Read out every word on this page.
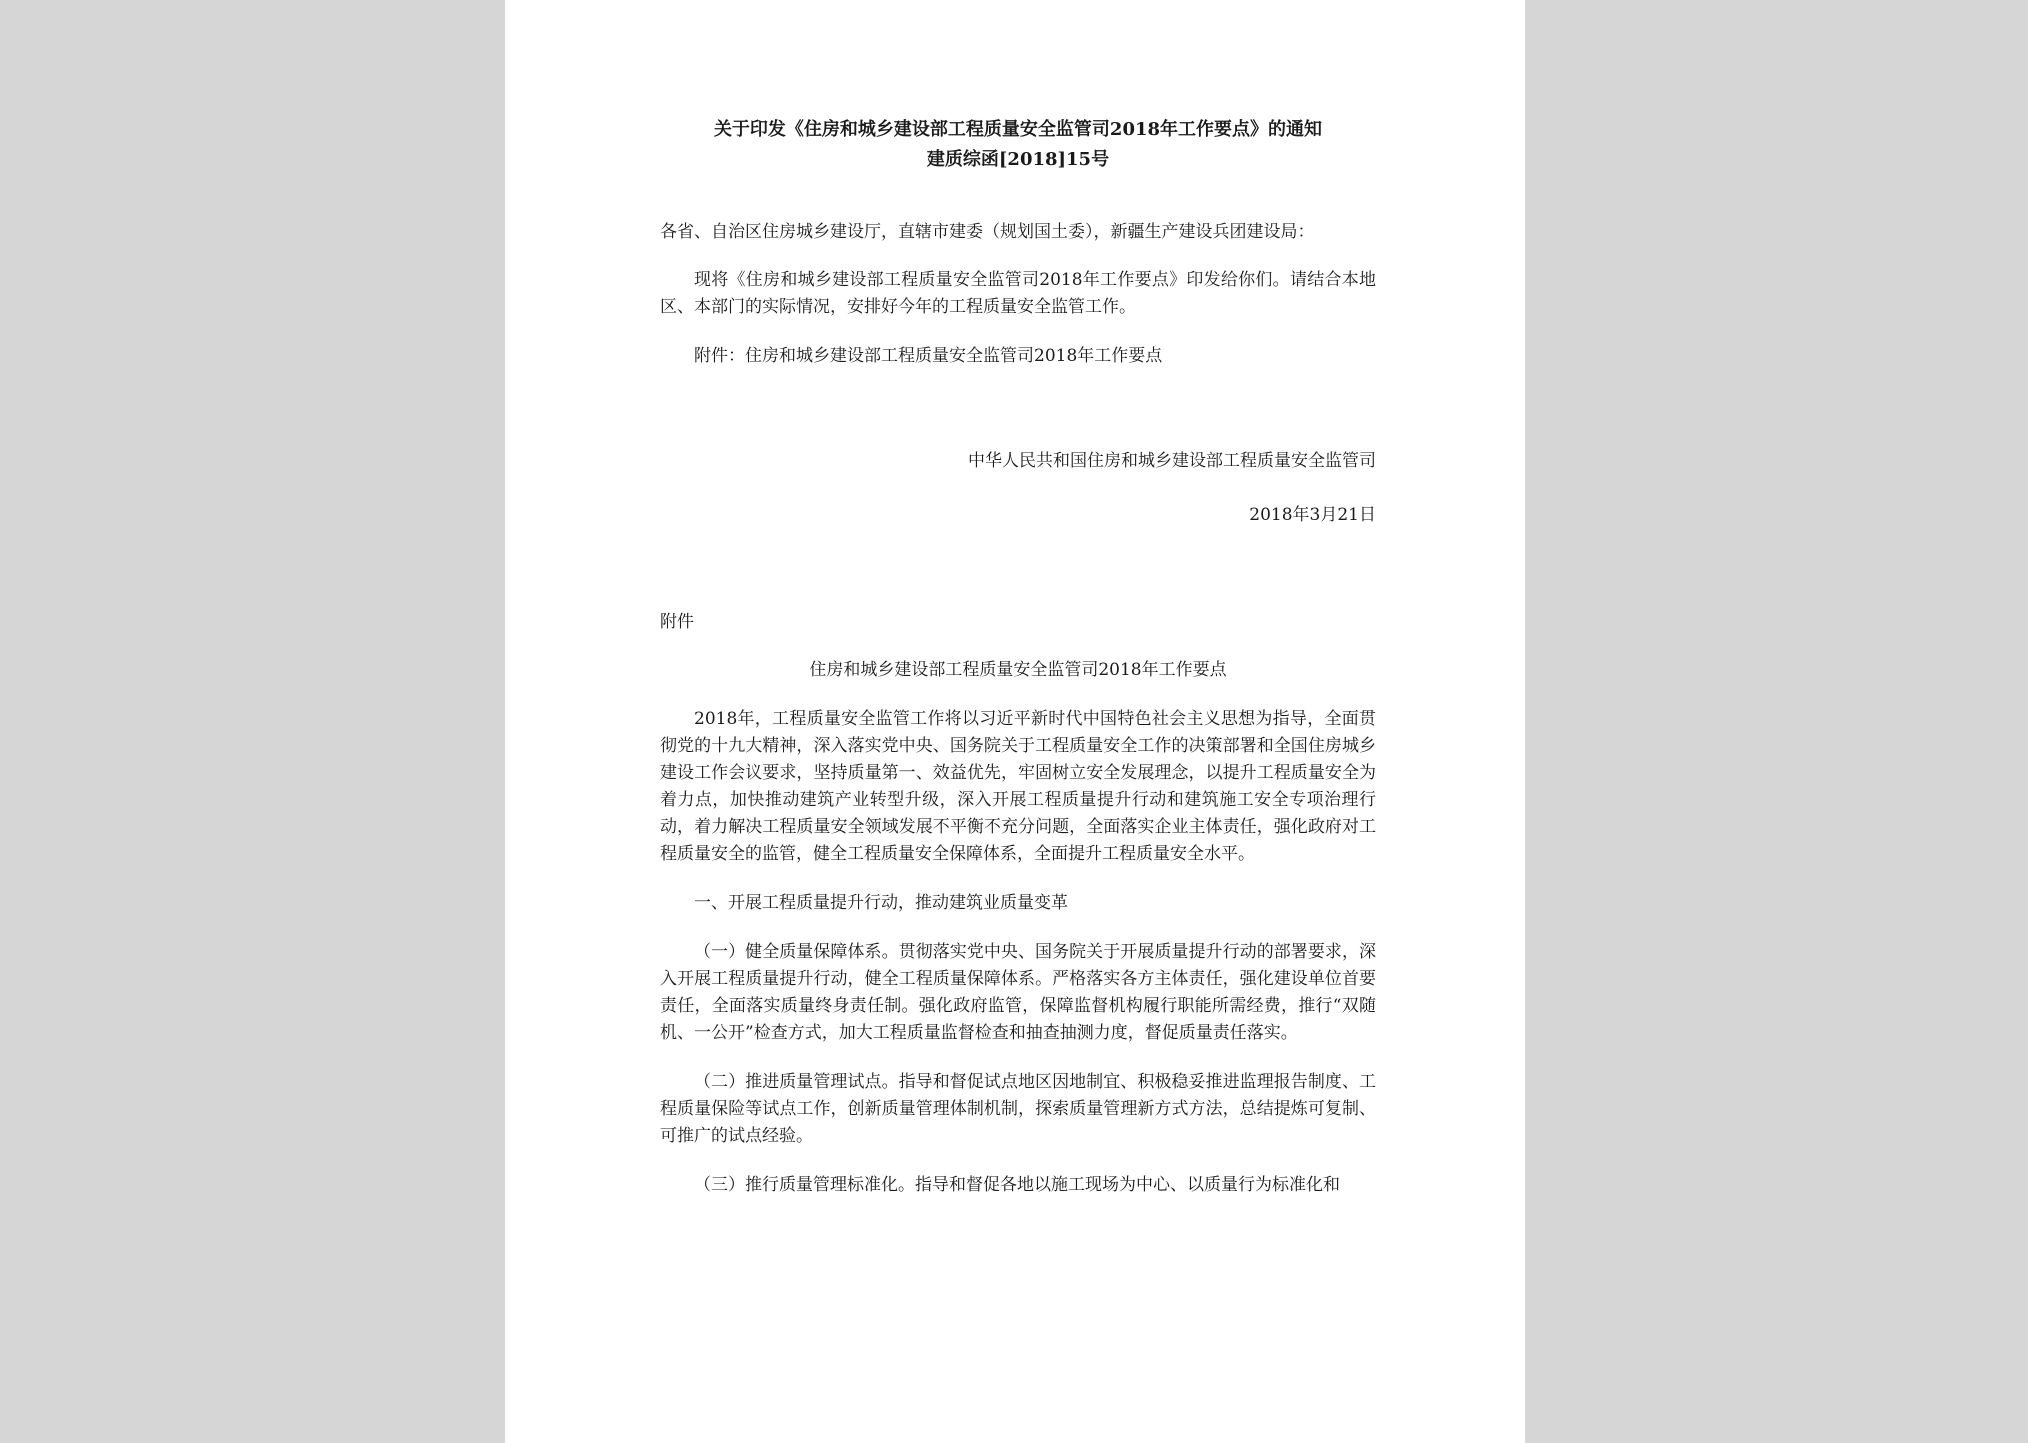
关于印发《住房和城乡建设部工程质量安全监管司2018年工作要点》的通知

建质综函[2018]15号

各省、自治区住房城乡建设厅，直辖市建委（规划国土委），新疆生产建设兵团建设局：

现将《住房和城乡建设部工程质量安全监管司2018年工作要点》印发给你们。请结合本地区、本部门的实际情况，安排好今年的工程质量安全监管工作。

附件：住房和城乡建设部工程质量安全监管司2018年工作要点

中华人民共和国住房和城乡建设部工程质量安全监管司

2018年3月21日

附件

住房和城乡建设部工程质量安全监管司2018年工作要点

2018年，工程质量安全监管工作将以习近平新时代中国特色社会主义思想为指导，全面贯彻党的十九大精神，深入落实党中央、国务院关于工程质量安全工作的决策部署和全国住房城乡建设工作会议要求，坚持质量第一、效益优先，牢固树立安全发展理念，以提升工程质量安全为着力点，加快推动建筑产业转型升级，深入开展工程质量提升行动和建筑施工安全专项治理行动，着力解决工程质量安全领域发展不平衡不充分问题，全面落实企业主体责任，强化政府对工程质量安全的监管，健全工程质量安全保障体系，全面提升工程质量安全水平。

一、开展工程质量提升行动，推动建筑业质量变革

（一）健全质量保障体系。贯彻落实党中央、国务院关于开展质量提升行动的部署要求，深入开展工程质量提升行动，健全工程质量保障体系。严格落实各方主体责任，强化建设单位首要责任，全面落实质量终身责任制。强化政府监管，保障监督机构履行职能所需经费，推行“双随机、一公开”检查方式，加大工程质量监督检查和抽查抽测力度，督促质量责任落实。

（二）推进质量管理试点。指导和督促试点地区因地制宜、积极稳妥推进监理报告制度、工程质量保险等试点工作，创新质量管理体制机制，探索质量管理新方式方法，总结提炼可复制、可推广的试点经验。

（三）推行质量管理标准化。指导和督促各地以施工现场为中心、以质量行为标准化和
